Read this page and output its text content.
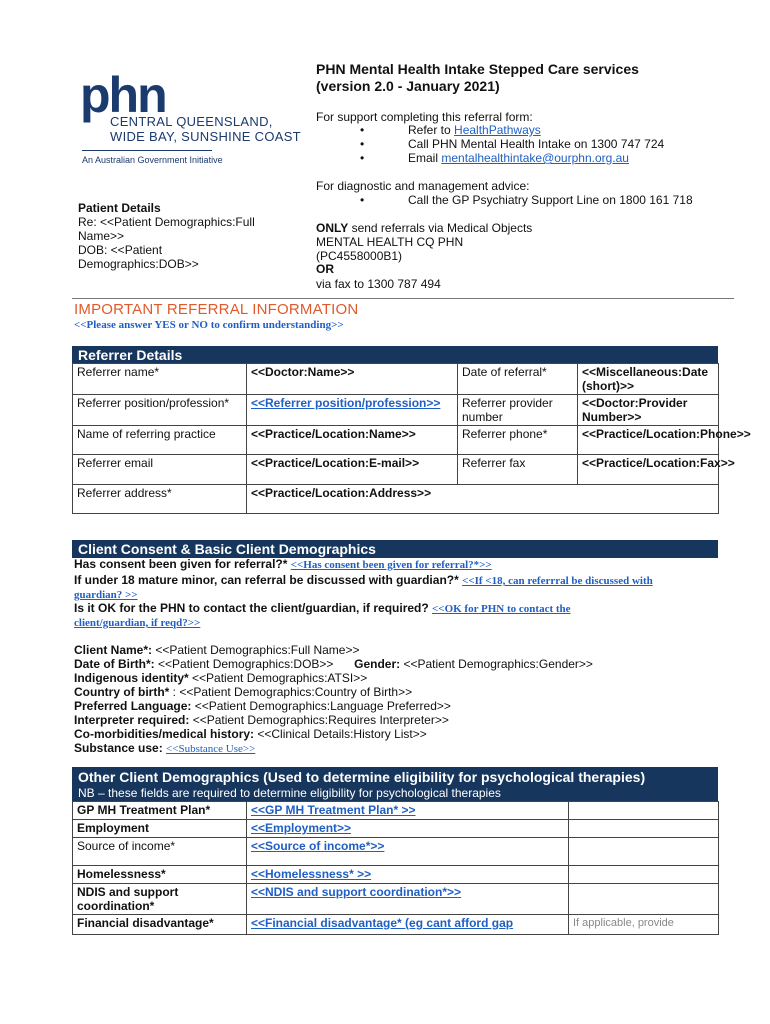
phn
CENTRAL QUEENSLAND,
WIDE BAY, SUNSHINE COAST
An Australian Government Initiative
PHN Mental Health Intake Stepped Care services
(version 2.0 - January 2021)
For support completing this referral form:
•	Refer to HealthPathways
•	Call PHN Mental Health Intake on 1300 747 724
•	Email mentalhealthintake@ourphn.org.au
For diagnostic and management advice:
•	Call the GP Psychiatry Support Line on 1800 161 718
ONLY send referrals via Medical Objects
MENTAL HEALTH CQ PHN
(PC4558000B1)
OR
via fax to 1300 787 494
Patient Details
Re: <<Patient Demographics:Full Name>>
DOB: <<Patient Demographics:DOB>>
IMPORTANT REFERRAL INFORMATION
<<Please answer YES or NO to confirm understanding>>
Referrer Details
Referrer name*	<<Doctor:Name>>	Date of referral*	<<Miscellaneous:Date (short)>>
Referrer position/profession*	<<Referrer position/profession>>	Referrer provider number	<<Doctor:Provider Number>>
Name of referring practice	<<Practice/Location:Name>>	Referrer phone*	<<Practice/Location:Phone>>
Referrer email	<<Practice/Location:E-mail>>	Referrer fax	<<Practice/Location:Fax>>
Referrer address*	<<Practice/Location:Address>>		
Client Consent & Basic Client Demographics
Has consent been given for referral?* <<Has consent been given for referral?*>>
If under 18 mature minor, can referral be discussed with guardian?* <<If <18, can referrral be discussed with
guardian? >>
Is it OK for the PHN to contact the client/guardian, if required? <<OK for PHN to contact the
client/guardian, if reqd?>>
Client Name*: <<Patient Demographics:Full Name>>
Date of Birth*: <<Patient Demographics:DOB>> Gender: <<Patient Demographics:Gender>>
Indigenous identity* <<Patient Demographics:ATSI>>
Country of birth* : <<Patient Demographics:Country of Birth>>
Preferred Language: <<Patient Demographics:Language Preferred>>
Interpreter required: <<Patient Demographics:Requires Interpreter>>
Co-morbidities/medical history: <<Clinical Details:History List>>
Substance use: <<Substance Use>>
Other Client Demographics (Used to determine eligibility for psychological therapies)
NB – these fields are required to determine eligibility for psychological therapies
GP MH Treatment Plan*	<<GP MH Treatment Plan* >>	
Employment	<<Employment>>	
Source of income*	<<Source of income*>>	
Homelessness*	<<Homelessness* >>	
NDIS and support coordination*	<<NDIS and support coordination*>>	
Financial disadvantage*	<<Financial disadvantage* (eg cant afford gap	If applicable, provide
